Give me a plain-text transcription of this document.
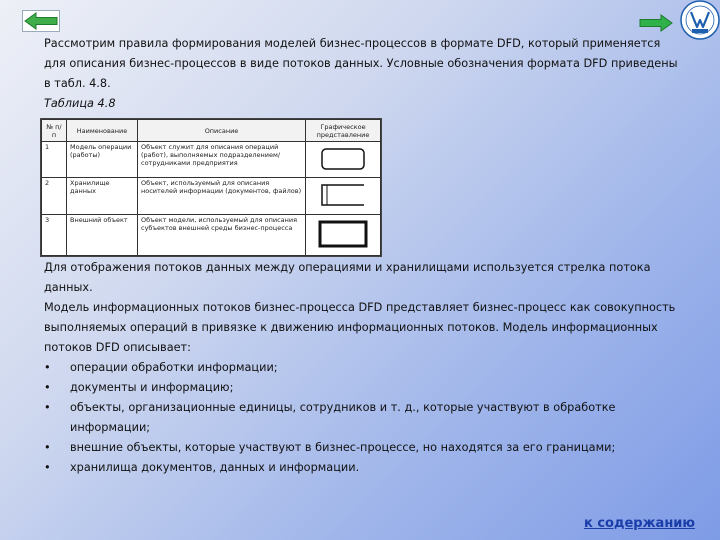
Рассмотрим правила формирования моделей бизнес-процессов в формате DFD, который применяется для описания бизнес-процессов в виде потоков данных. Условные обозначения формата DFD приведены в табл. 4.8.

Таблица 4.8

№ п/п	Наименование	Описание	Графическое представление
1	Модель операции (работы)	Объект служит для описания операций (работ), выполняемых подразделением/ сотрудниками предприятия	
2	Хранилище данных	Объект, используемый для описания носителей информации (документов, файлов)	
3	Внешний объект	Объект модели, используемый для описания субъектов внешней среды бизнес-процесса	

Для отображения потоков данных между операциями и хранилищами используется стрелка потока данных.

Модель информационных потоков бизнес-процесса DFD представляет бизнес-процесс как совокупность выполняемых операций в привязке к движению информационных потоков. Модель информационных потоков DFD описывает:

• операции обработки информации;
• документы и информацию;
• объекты, организационные единицы, сотрудников и т. д., которые участвуют в обработке информации;
• внешние объекты, которые участвуют в бизнес-процессе, но находятся за его границами;
• хранилища документов, данных и информации.
к содержанию
